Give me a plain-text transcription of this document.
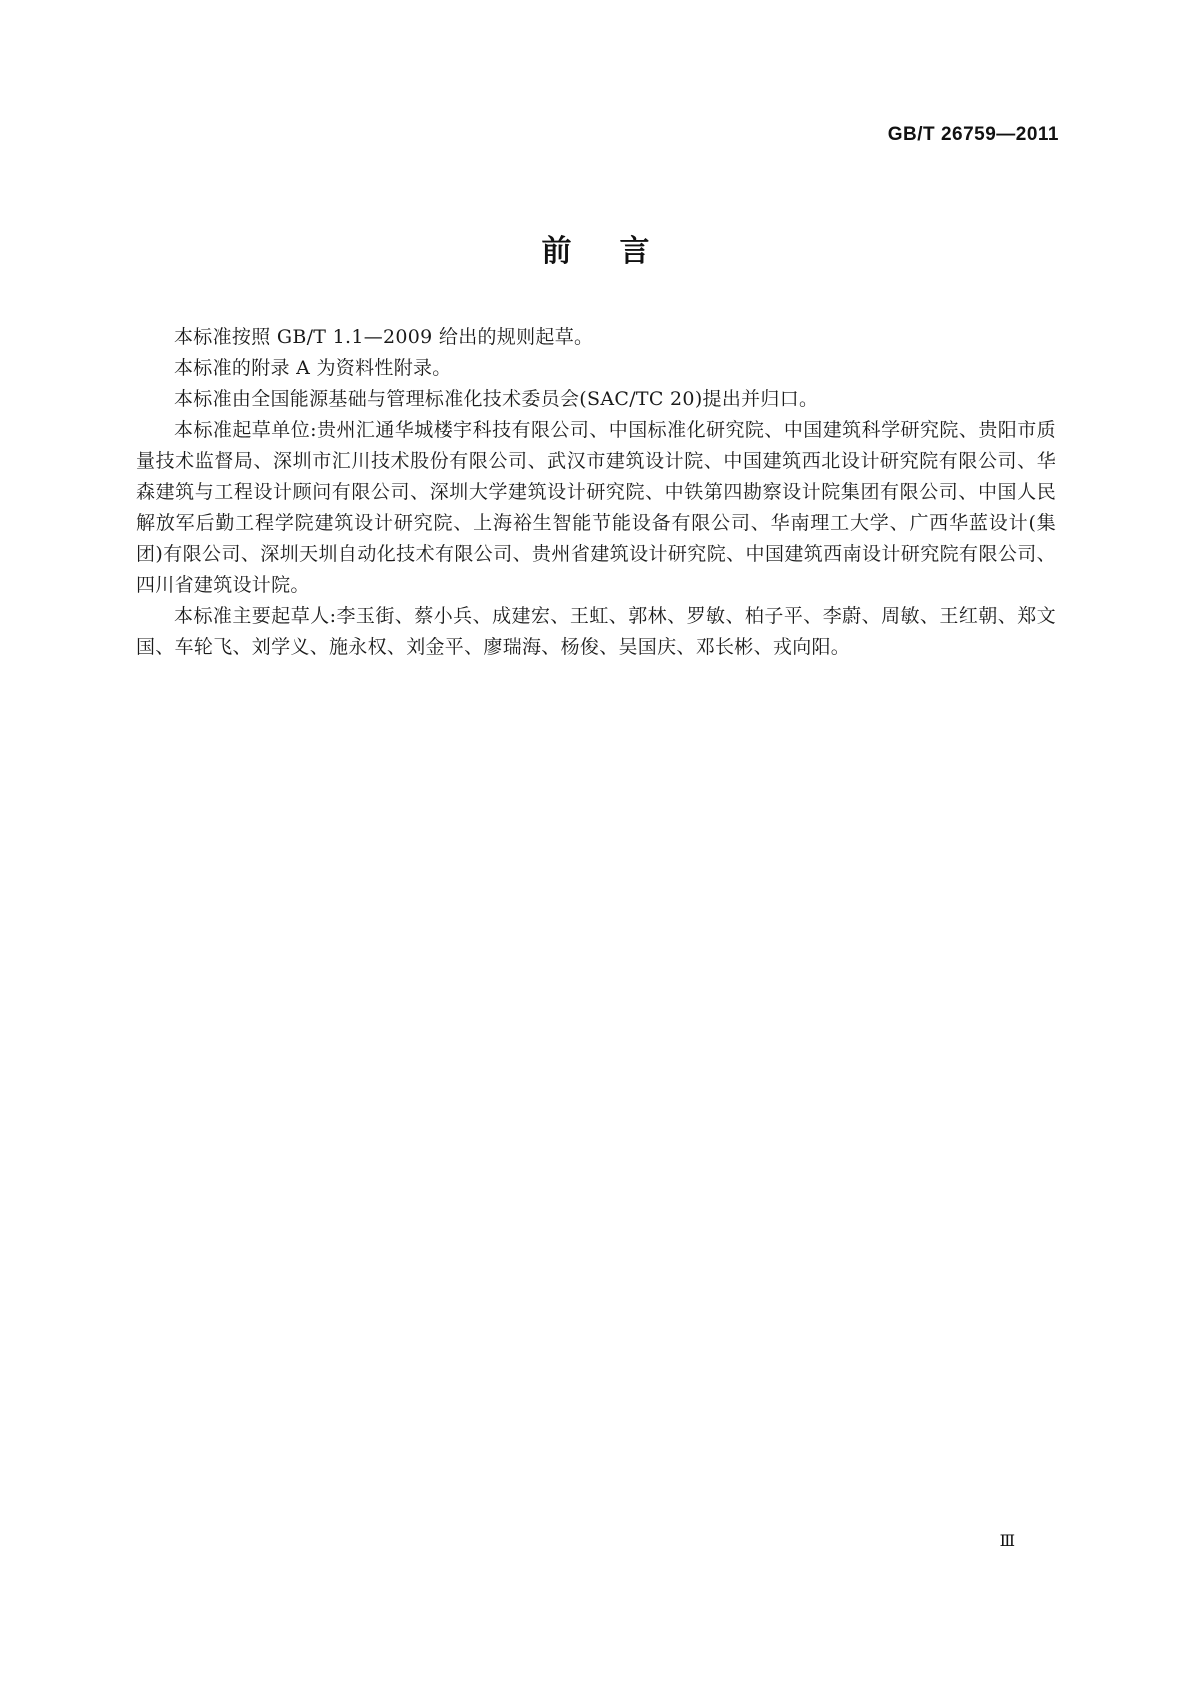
GB/T 26759—2011
前言

本标准按照 GB/T 1.1—2009 给出的规则起草。

本标准的附录 A 为资料性附录。

本标准由全国能源基础与管理标准化技术委员会(SAC/TC 20)提出并归口。

本标准起草单位:贵州汇通华城楼宇科技有限公司、中国标准化研究院、中国建筑科学研究院、贵阳市质量技术监督局、深圳市汇川技术股份有限公司、武汉市建筑设计院、中国建筑西北设计研究院有限公司、华森建筑与工程设计顾问有限公司、深圳大学建筑设计研究院、中铁第四勘察设计院集团有限公司、中国人民解放军后勤工程学院建筑设计研究院、上海裕生智能节能设备有限公司、华南理工大学、广西华蓝设计(集团)有限公司、深圳天圳自动化技术有限公司、贵州省建筑设计研究院、中国建筑西南设计研究院有限公司、四川省建筑设计院。

本标准主要起草人:李玉街、蔡小兵、成建宏、王虹、郭林、罗敏、柏子平、李蔚、周敏、王红朝、郑文国、车轮飞、刘学义、施永权、刘金平、廖瑞海、杨俊、吴国庆、邓长彬、戎向阳。

Ⅲ
